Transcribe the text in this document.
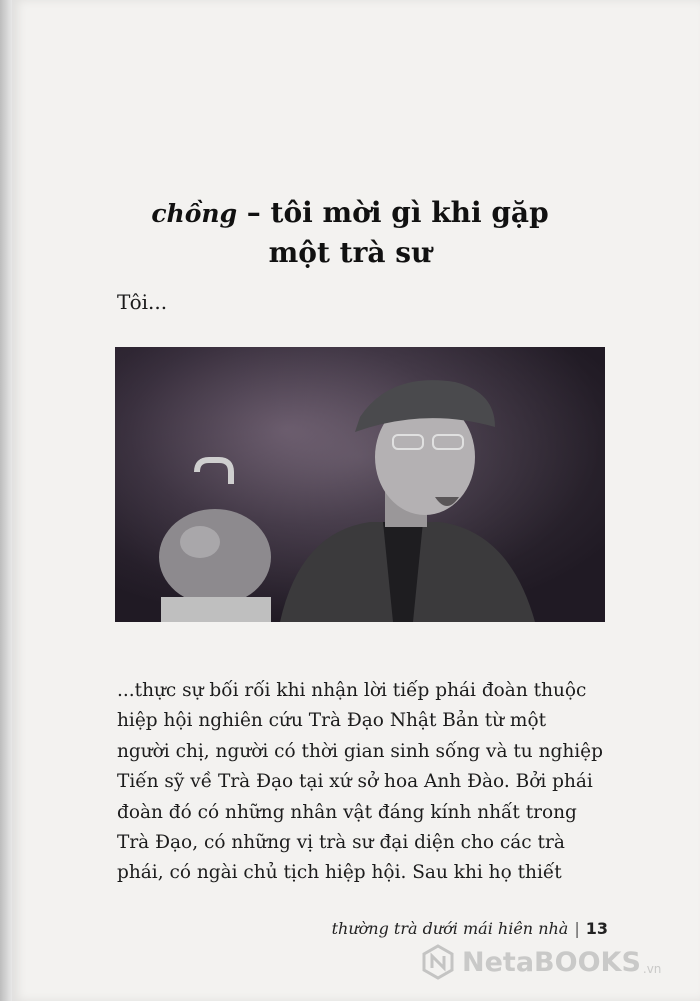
chồng – tôi mời gì khi gặp
một trà sư
Tôi...
...thực sự bối rối khi nhận lời tiếp phái đoàn thuộc
hiệp hội nghiên cứu Trà Đạo Nhật Bản từ một
người chị, người có thời gian sinh sống và tu nghiệp
Tiến sỹ về Trà Đạo tại xứ sở hoa Anh Đào. Bởi phái
đoàn đó có những nhân vật đáng kính nhất trong
Trà Đạo, có những vị trà sư đại diện cho các trà
phái, có ngài chủ tịch hiệp hội. Sau khi họ thiết
thường trà dưới mái hiên nhà | 13
NetaBOOKS .vn
